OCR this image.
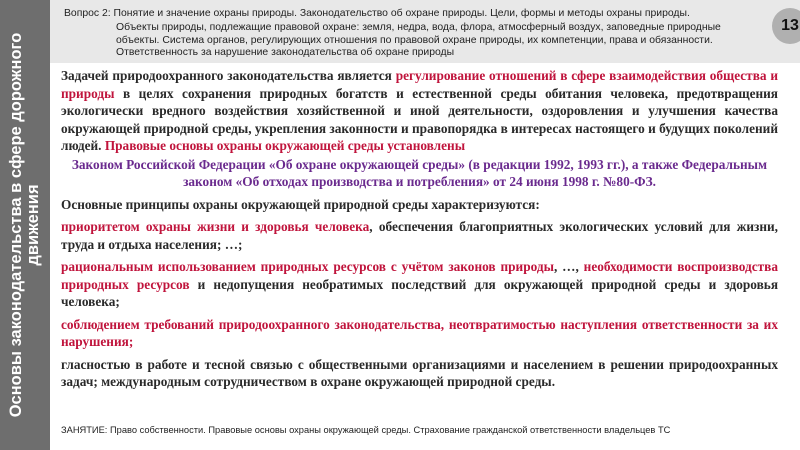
Основы законодательства в сфере дорожного движения
Вопрос 2: Понятие и значение охраны природы. Законодательство об охране природы. Цели, формы и методы охраны природы.
Объекты природы, подлежащие правовой охране: земля, недра, вода, флора, атмосферный воздух, заповедные природные объекты. Система органов, регулирующих отношения по правовой охране природы, их компетенции, права и обязанности. Ответственность за нарушение законодательства об охране природы
13

Задачей природоохранного законодательства является регулирование отношений в сфере взаимодействия общества и природы в целях сохранения природных богатств и естественной среды обитания человека, предотвращения экологически вредного воздействия хозяйственной и иной деятельности, оздоровления и улучшения качества окружающей природной среды, укрепления законности и правопорядка в интересах настоящего и будущих поколений людей. Правовые основы охраны окружающей среды установлены

Законом Российской Федерации «Об охране окружающей среды» (в редакции 1992, 1993 гг.), а также Федеральным законом «Об отходах производства и потребления» от 24 июня 1998 г. №80-ФЗ.

Основные принципы охраны окружающей природной среды характеризуются:

приоритетом охраны жизни и здоровья человека, обеспечения благоприятных экологических условий для жизни, труда и отдыха населения; …;

рациональным использованием природных ресурсов с учётом законов природы, …, необходимости воспроизводства природных ресурсов и недопущения необратимых последствий для окружающей природной среды и здоровья человека;

соблюдением требований природоохранного законодательства, неотвратимостью наступления ответственности за их нарушения;

гласностью в работе и тесной связью с общественными организациями и населением в решении природоохранных задач; международным сотрудничеством в охране окружающей природной среды.

ЗАНЯТИЕ: Право собственности. Правовые основы охраны окружающей среды. Страхование гражданской ответственности владельцев ТС
